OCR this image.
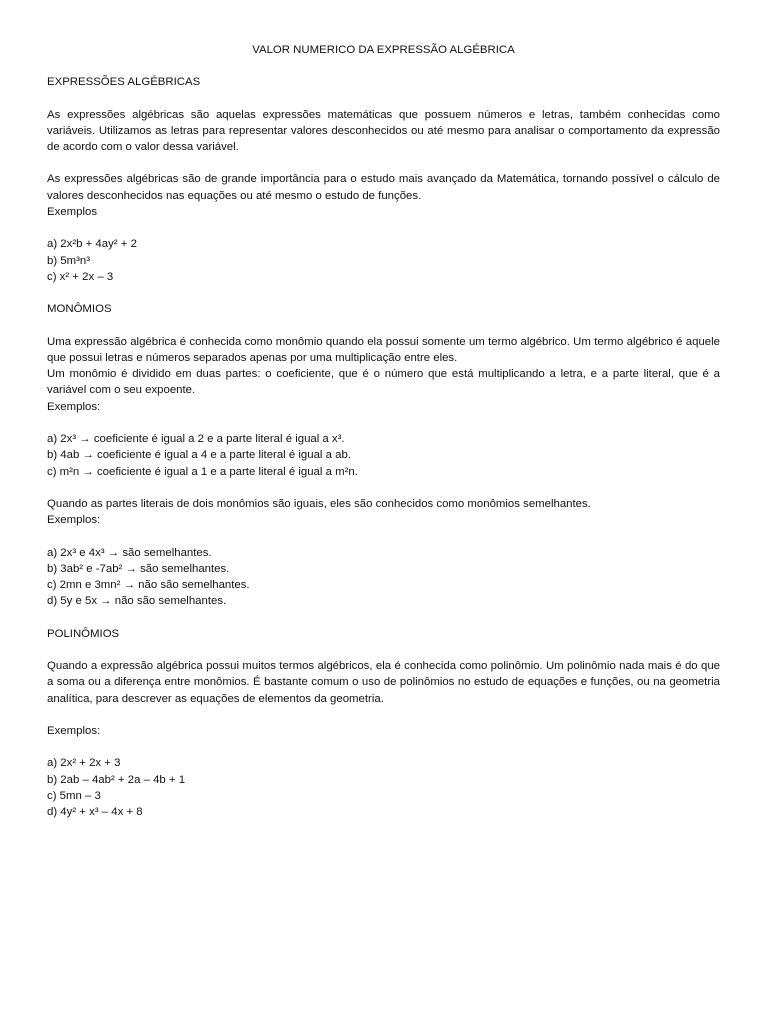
VALOR NUMERICO DA EXPRESSÃO ALGÉBRICA
EXPRESSÕES ALGÉBRICAS
As expressões algébricas são aquelas expressões matemáticas que possuem números e letras, também conhecidas como variáveis. Utilizamos as letras para representar valores desconhecidos ou até mesmo para analisar o comportamento da expressão de acordo com o valor dessa variável.
As expressões algébricas são de grande importância para o estudo mais avançado da Matemática, tornando possível o cálculo de valores desconhecidos nas equações ou até mesmo o estudo de funções.
Exemplos
a) 2x²b + 4ay² + 2
b) 5m³n³
c) x² + 2x – 3
MONÔMIOS
Uma expressão algébrica é conhecida como monômio quando ela possui somente um termo algébrico. Um termo algébrico é aquele que possui letras e números separados apenas por uma multiplicação entre eles.
Um monômio é dividido em duas partes: o coeficiente, que é o número que está multiplicando a letra, e a parte literal, que é a variável com o seu expoente.
Exemplos:
a) 2x³ → coeficiente é igual a 2 e a parte literal é igual a x³.
b) 4ab → coeficiente é igual a 4 e a parte literal é igual a ab.
c) m²n → coeficiente é igual a 1 e a parte literal é igual a m²n.
Quando as partes literais de dois monômios são iguais, eles são conhecidos como monômios semelhantes.
Exemplos:
a) 2x³ e 4x³ → são semelhantes.
b) 3ab² e -7ab² → são semelhantes.
c) 2mn e 3mn² → não são semelhantes.
d) 5y e 5x → não são semelhantes.
POLINÔMIOS
Quando a expressão algébrica possui muitos termos algébricos, ela é conhecida como polinômio. Um polinômio nada mais é do que a soma ou a diferença entre monômios. É bastante comum o uso de polinômios no estudo de equações e funções, ou na geometria analítica, para descrever as equações de elementos da geometria.
Exemplos:
a) 2x² + 2x + 3
b) 2ab – 4ab² + 2a – 4b + 1
c) 5mn – 3
d) 4y² + x³ – 4x + 8
